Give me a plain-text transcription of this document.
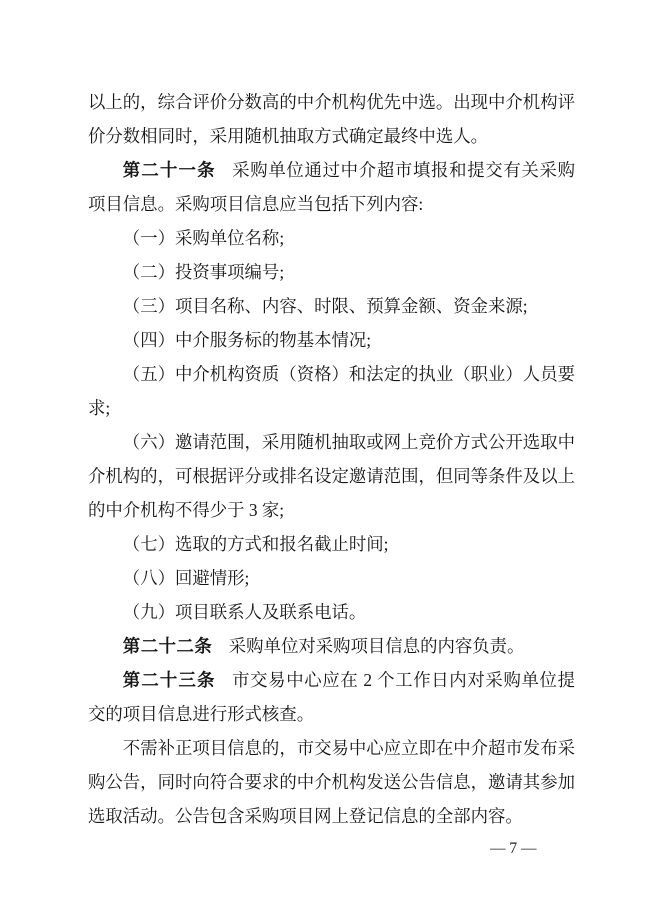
以上的，综合评价分数高的中介机构优先中选。出现中介机构评价分数相同时，采用随机抽取方式确定最终中选人。

第二十一条 采购单位通过中介超市填报和提交有关采购项目信息。采购项目信息应当包括下列内容:

（一）采购单位名称;

（二）投资事项编号;

（三）项目名称、内容、时限、预算金额、资金来源;

（四）中介服务标的物基本情况;

（五）中介机构资质（资格）和法定的执业（职业）人员要求;

（六）邀请范围，采用随机抽取或网上竞价方式公开选取中介机构的，可根据评分或排名设定邀请范围，但同等条件及以上的中介机构不得少于 3 家;

（七）选取的方式和报名截止时间;

（八）回避情形;

（九）项目联系人及联系电话。

第二十二条 采购单位对采购项目信息的内容负责。

第二十三条 市交易中心应在 2 个工作日内对采购单位提交的项目信息进行形式核查。

不需补正项目信息的，市交易中心应立即在中介超市发布采购公告，同时向符合要求的中介机构发送公告信息，邀请其参加选取活动。公告包含采购项目网上登记信息的全部内容。

— 7 —
